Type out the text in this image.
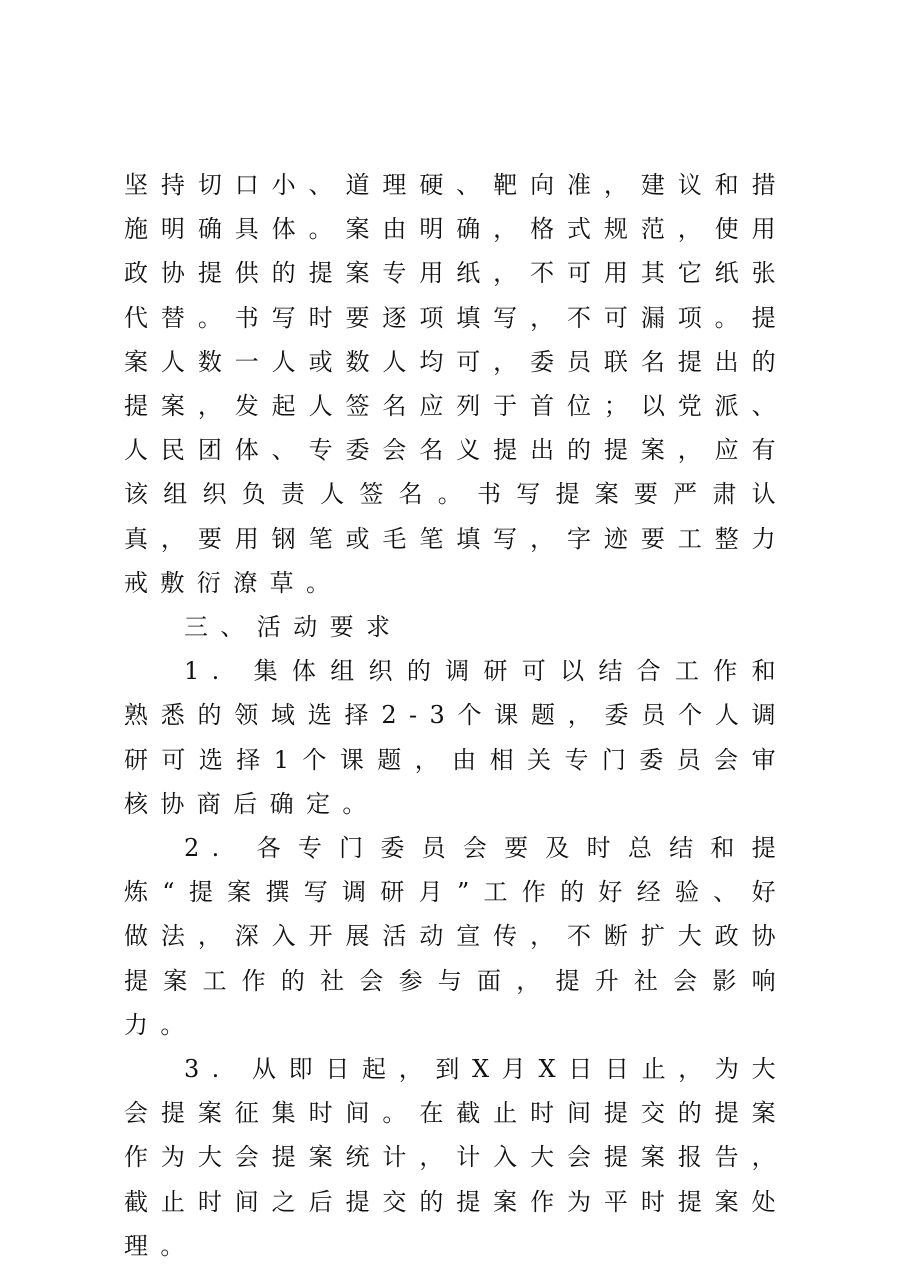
坚持切口小、道理硬、靶向准，建议和措施明确具体。案由明确，格式规范，使用政协提供的提案专用纸，不可用其它纸张代替。书写时要逐项填写，不可漏项。提案人数一人或数人均可，委员联名提出的提案，发起人签名应列于首位；以党派、人民团体、专委会名义提出的提案，应有该组织负责人签名。书写提案要严肃认真，要用钢笔或毛笔填写，字迹要工整力戒敷衍潦草。

三、活动要求

1. 集体组织的调研可以结合工作和熟悉的领域选择2-3个课题，委员个人调研可选择1个课题，由相关专门委员会审核协商后确定。

2. 各专门委员会要及时总结和提炼“提案撰写调研月”工作的好经验、好做法，深入开展活动宣传，不断扩大政协提案工作的社会参与面，提升社会影响力。

3. 从即日起，到X月X日日止，为大会提案征集时间。在截止时间提交的提案作为大会提案统计，计入大会提案报告，截止时间之后提交的提案作为平时提案处理。
